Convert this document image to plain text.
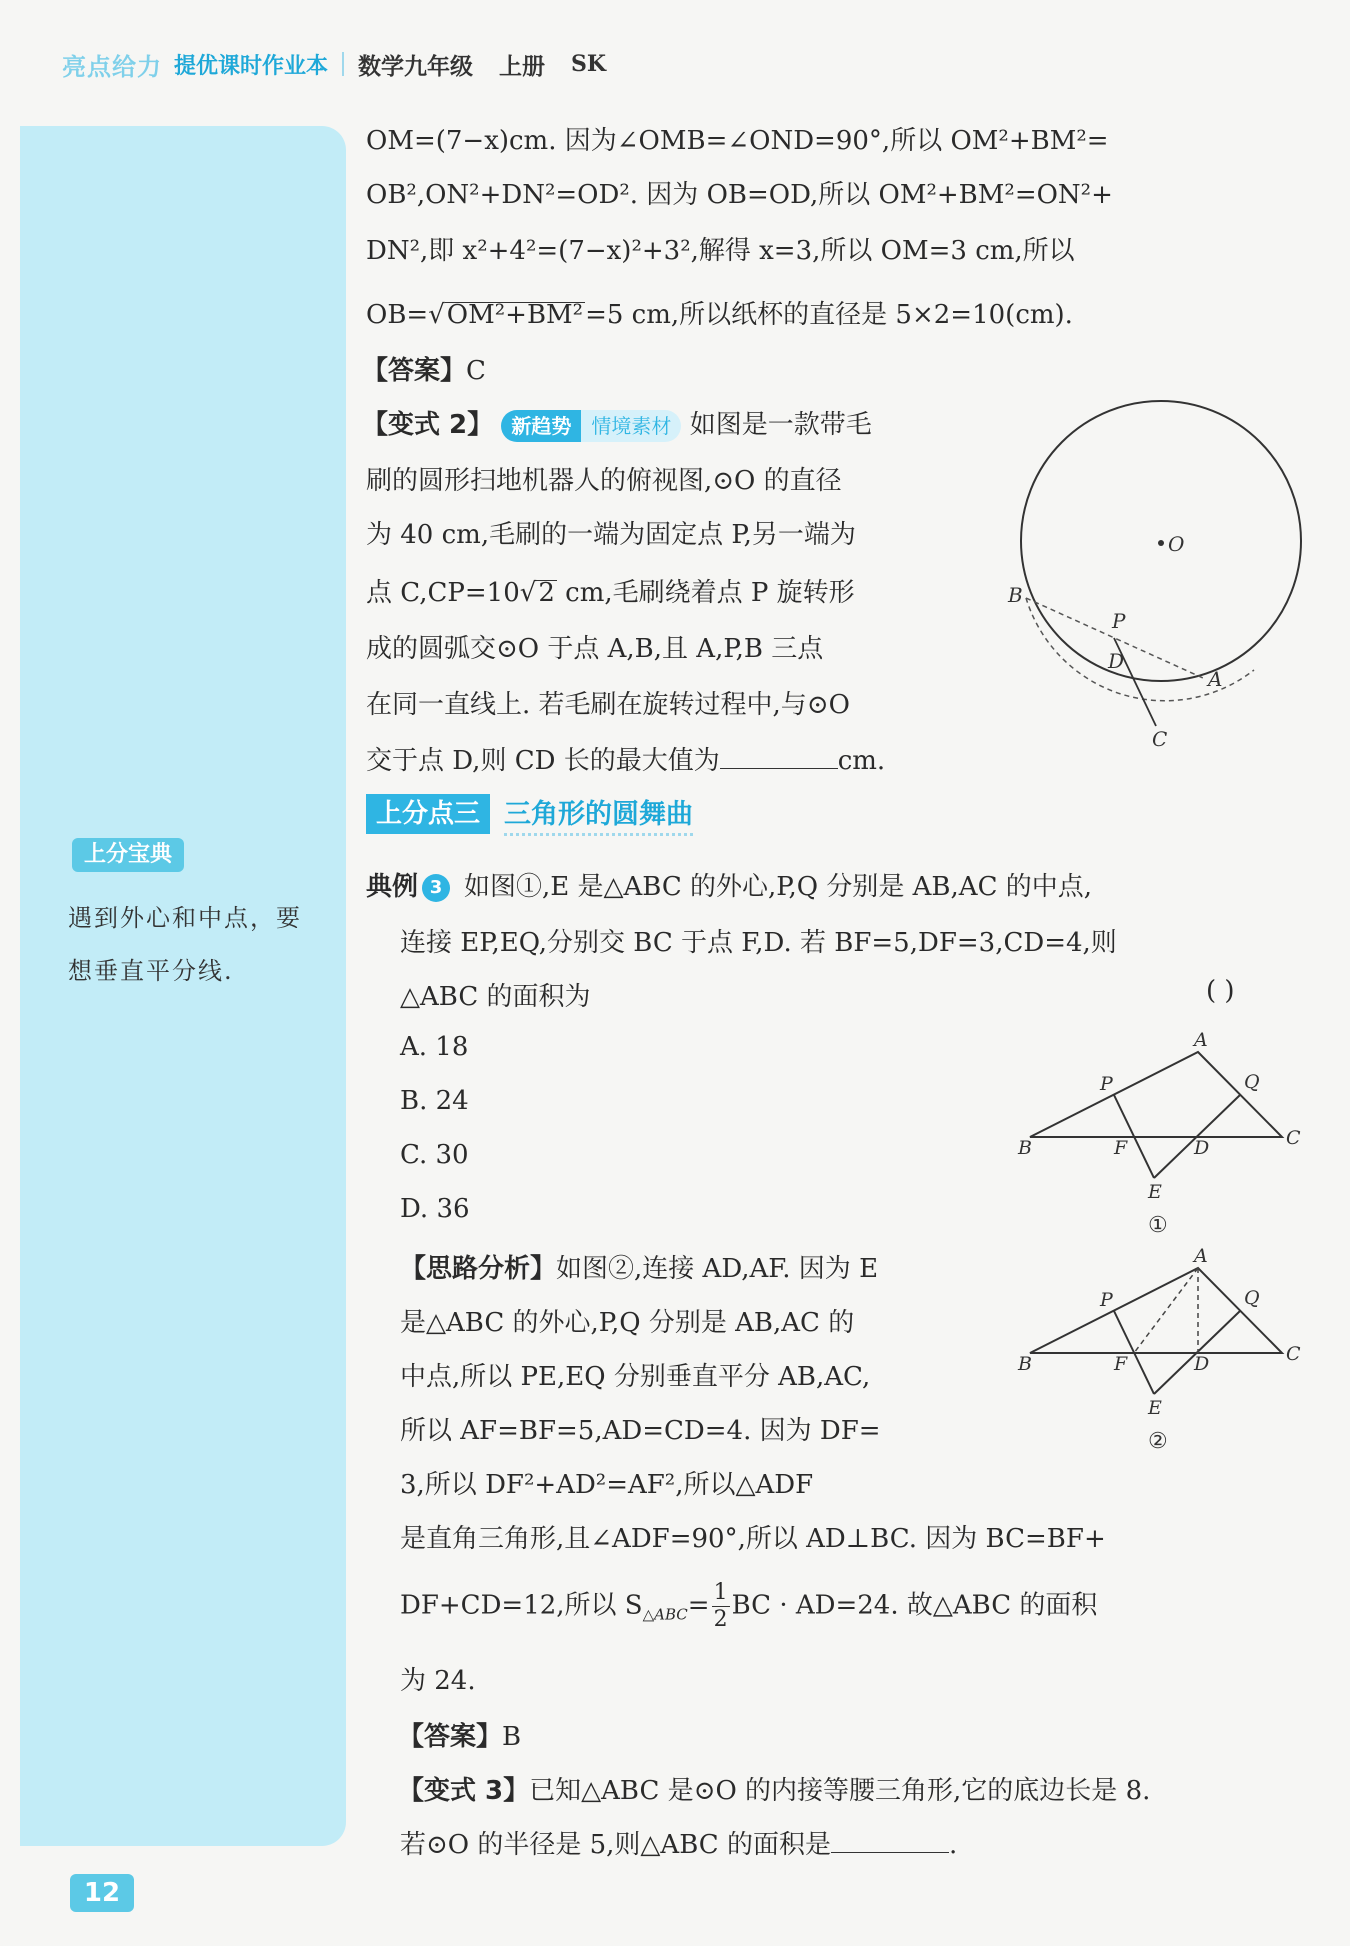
亮点给力 提优课时作业本 数学九年级 上册 SK
上分宝典
遇到外心和中点，要
想垂直平分线.
12
OM=(7−x)cm. 因为∠OMB=∠OND=90°,所以 OM²+BM²=
OB²,ON²+DN²=OD². 因为 OB=OD,所以 OM²+BM²=ON²+
DN²,即 x²+4²=(7−x)²+3²,解得 x=3,所以 OM=3 cm,所以
OB=√OM²+BM²=5 cm,所以纸杯的直径是 5×2=10(cm).
【答案】C
【变式 2】 新趋势 情境素材 如图是一款带毛
刷的圆形扫地机器人的俯视图,⊙O 的直径
为 40 cm,毛刷的一端为固定点 P,另一端为
点 C,CP=10√2 cm,毛刷绕着点 P 旋转形
成的圆弧交⊙O 于点 A,B,且 A,P,B 三点
在同一直线上. 若毛刷在旋转过程中,与⊙O
交于点 D,则 CD 长的最大值为	cm.
O
B
P
D
A
C
上分点三 三角形的圆舞曲
典例 3 如图①,E 是△ABC 的外心,P,Q 分别是 AB,AC 的中点,
连接 EP,EQ,分别交 BC 于点 F,D. 若 BF=5,DF=3,CD=4,则
△ABC 的面积为	( )
A. 18
B. 24
C. 30
D. 36
A
P	Q
B	F	D	C
E
①
A
P	Q
B	F	D	C
E
②
【思路分析】如图②,连接 AD,AF. 因为 E
是△ABC 的外心,P,Q 分别是 AB,AC 的
中点,所以 PE,EQ 分别垂直平分 AB,AC,
所以 AF=BF=5,AD=CD=4. 因为 DF=
3,所以 DF²+AD²=AF²,所以△ADF
是直角三角形,且∠ADF=90°,所以 AD⊥BC. 因为 BC=BF+
DF+CD=12,所以 $S_{\triangle ABC}= \frac{1}{2}$ BC · AD=24. 故△ABC 的面积
为 24.
【答案】B
【变式 3】已知△ABC 是⊙O 的内接等腰三角形,它的底边长是 8.
若⊙O 的半径是 5,则△ABC 的面积是	.
